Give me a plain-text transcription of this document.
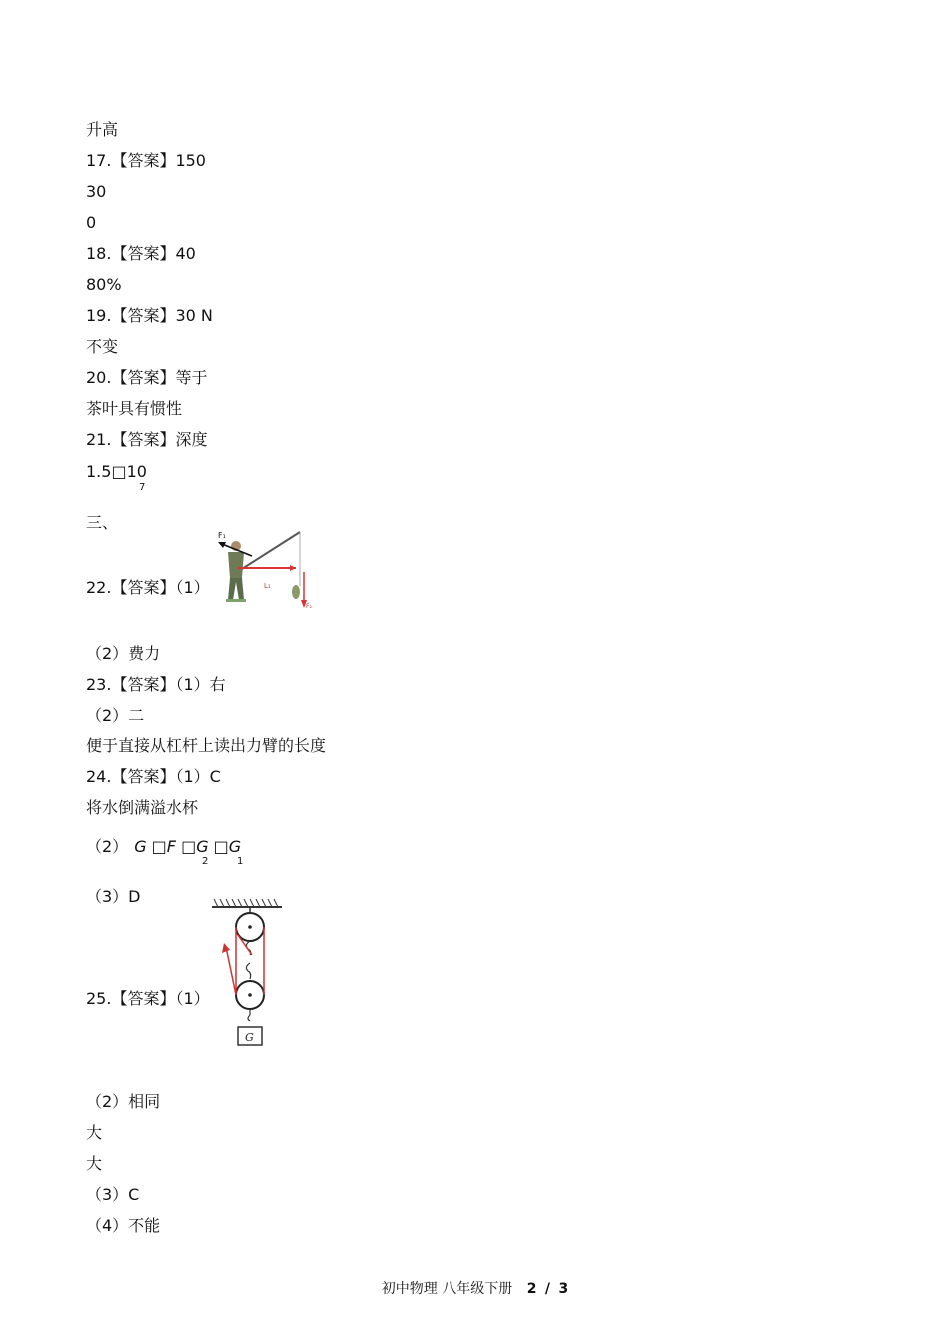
升高
17.【答案】150
30
0
18.【答案】40
80%
19.【答案】30 N
不变
20.【答案】等于
茶叶具有惯性
21.【答案】深度
1.5□10
7
三、
22.【答案】（1）
F₁
L₁
F₂
（2）费力
23.【答案】（1）右
（2）二
便于直接从杠杆上读出力臂的长度
24.【答案】（1）C
将水倒满溢水杯
（2） G □F □G □G
2	1
（3）D
G
25.【答案】（1）
（2）相同
大
大
（3）C
（4）不能
初中物理 八年级下册 2 / 3
